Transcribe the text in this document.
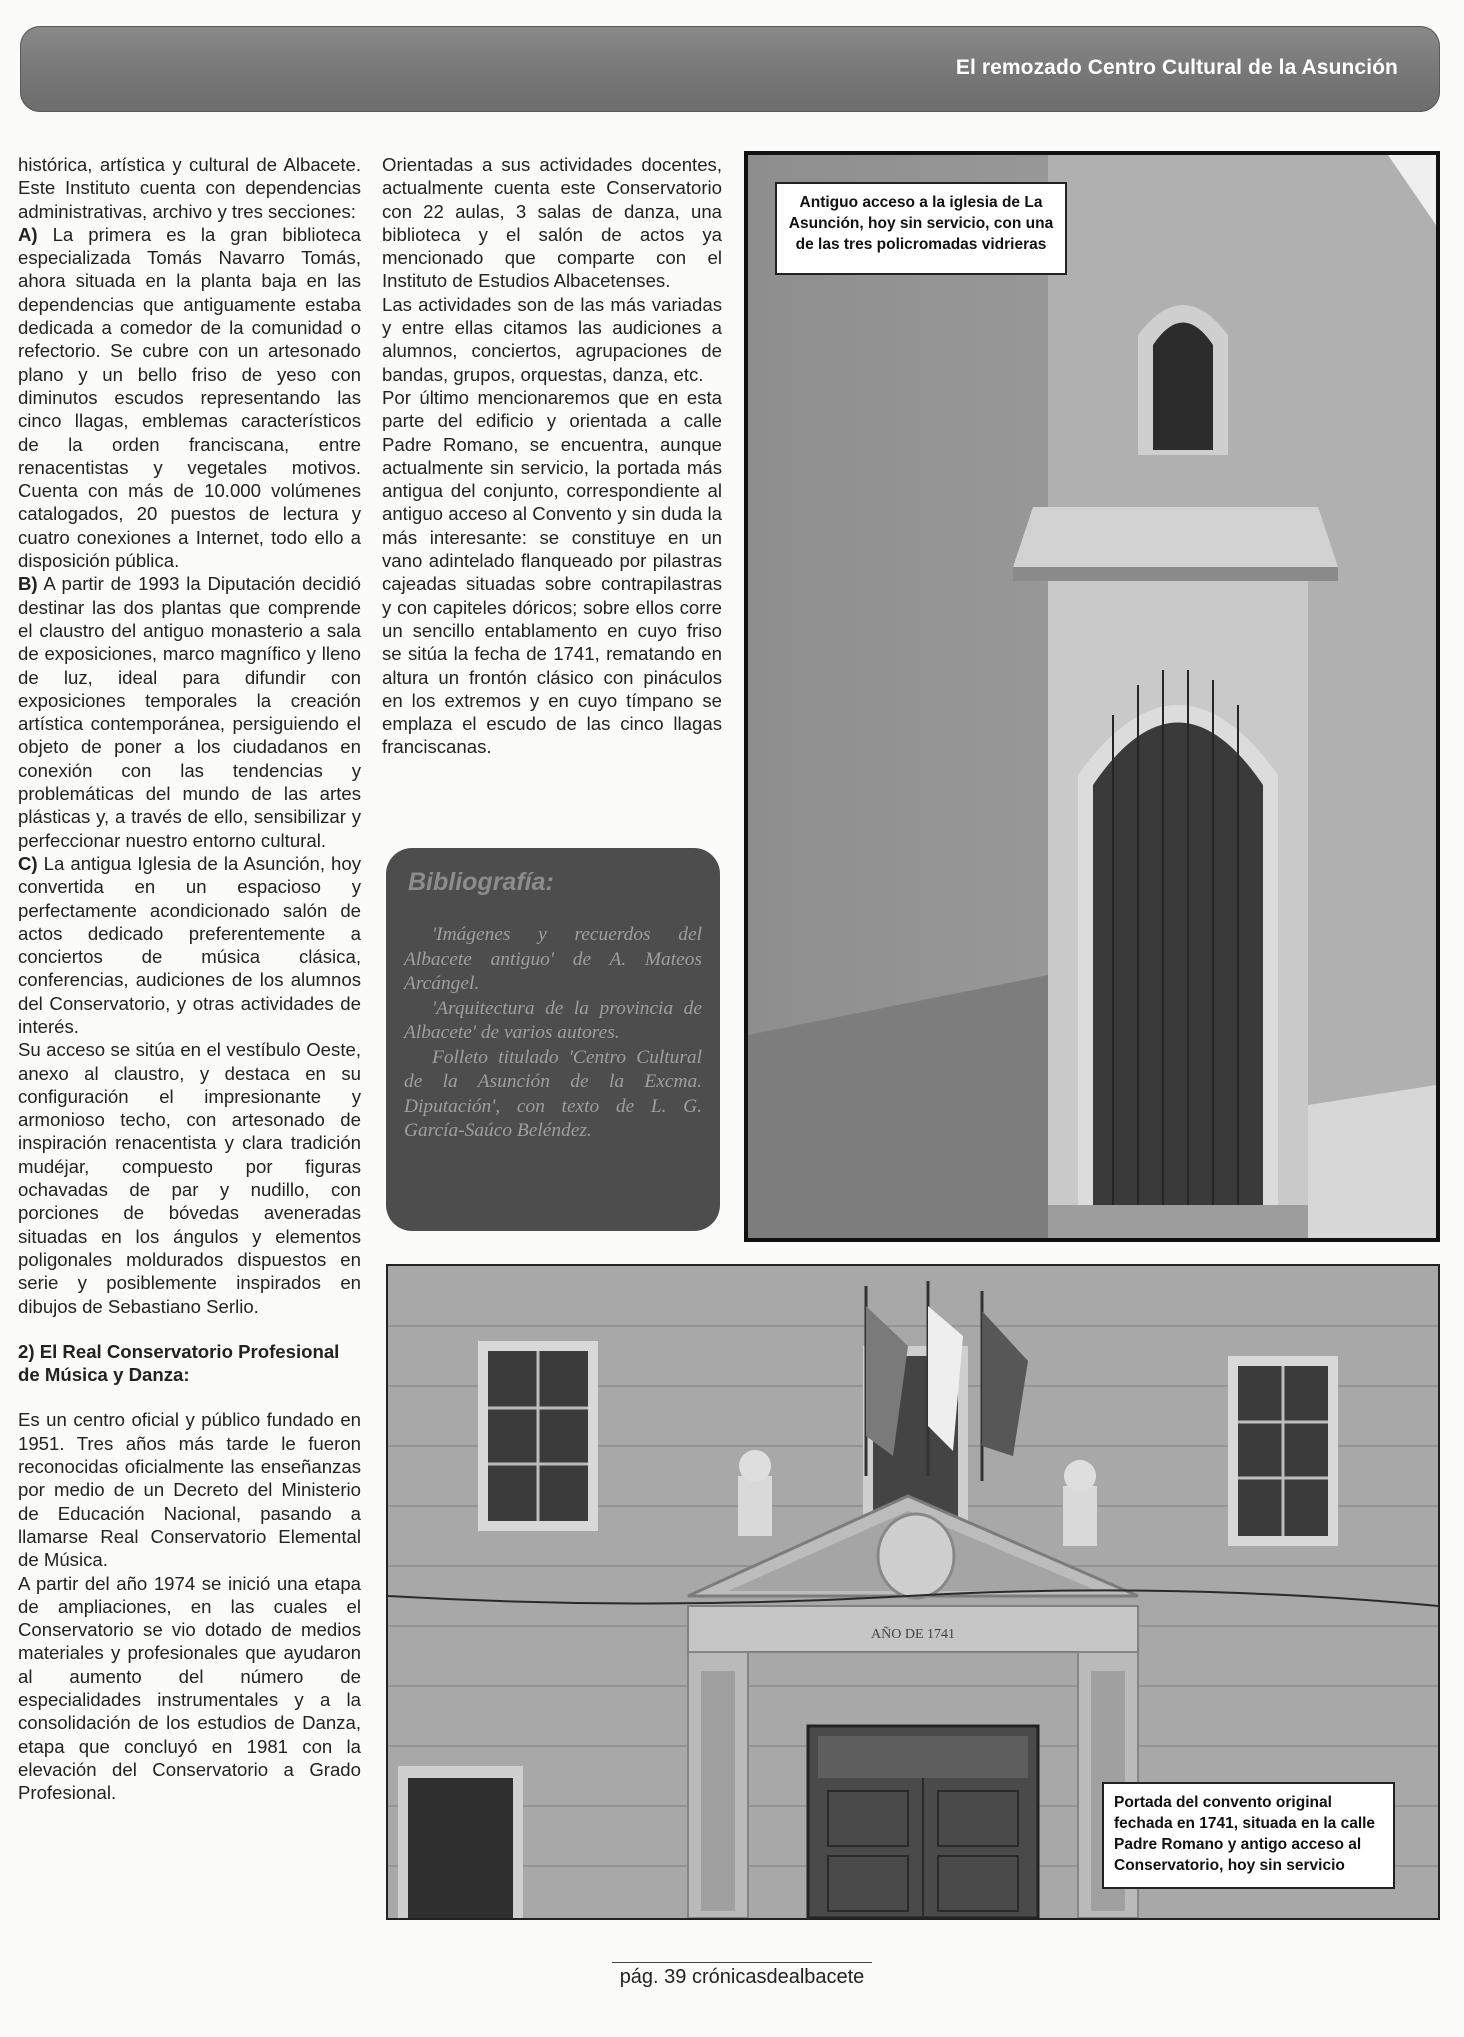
El remozado Centro Cultural de la Asunción

histórica, artística y cultural de Albacete. Este Instituto cuenta con dependencias administrativas, archivo y tres secciones:

A) La primera es la gran biblioteca especializada Tomás Navarro Tomás, ahora situada en la planta baja en las dependencias que antiguamente estaba dedicada a comedor de la comunidad o refectorio. Se cubre con un artesonado plano y un bello friso de yeso con diminutos escudos representando las cinco llagas, emblemas característicos de la orden franciscana, entre renacentistas y vegetales motivos. Cuenta con más de 10.000 volúmenes catalogados, 20 puestos de lectura y cuatro conexiones a Internet, todo ello a disposición pública.

B) A partir de 1993 la Diputación decidió destinar las dos plantas que comprende el claustro del antiguo monasterio a sala de exposiciones, marco magnífico y lleno de luz, ideal para difundir con exposiciones temporales la creación artística contemporánea, persiguiendo el objeto de poner a los ciudadanos en conexión con las tendencias y problemáticas del mundo de las artes plásticas y, a través de ello, sensibilizar y perfeccionar nuestro entorno cultural.

C) La antigua Iglesia de la Asunción, hoy convertida en un espacioso y perfectamente acondicionado salón de actos dedicado preferentemente a conciertos de música clásica, conferencias, audiciones de los alumnos del Conservatorio, y otras actividades de interés.

Su acceso se sitúa en el vestíbulo Oeste, anexo al claustro, y destaca en su configuración el impresionante y armonioso techo, con artesonado de inspiración renacentista y clara tradición mudéjar, compuesto por figuras ochavadas de par y nudillo, con porciones de bóvedas aveneradas situadas en los ángulos y elementos poligonales moldurados dispuestos en serie y posiblemente inspirados en dibujos de Sebastiano Serlio.

2) El Real Conservatorio Profesional de Música y Danza:

Es un centro oficial y público fundado en 1951. Tres años más tarde le fueron reconocidas oficialmente las enseñanzas por medio de un Decreto del Ministerio de Educación Nacional, pasando a llamarse Real Conservatorio Elemental de Música.

A partir del año 1974 se inició una etapa de ampliaciones, en las cuales el Conservatorio se vio dotado de medios materiales y profesionales que ayudaron al aumento del número de especialidades instrumentales y a la consolidación de los estudios de Danza, etapa que concluyó en 1981 con la elevación del Conservatorio a Grado Profesional.

Orientadas a sus actividades docentes, actualmente cuenta este Conservatorio con 22 aulas, 3 salas de danza, una biblioteca y el salón de actos ya mencionado que comparte con el Instituto de Estudios Albacetenses.

Las actividades son de las más variadas y entre ellas citamos las audiciones a alumnos, conciertos, agrupaciones de bandas, grupos, orquestas, danza, etc.

Por último mencionaremos que en esta parte del edificio y orientada a calle Padre Romano, se encuentra, aunque actualmente sin servicio, la portada más antigua del conjunto, correspondiente al antiguo acceso al Convento y sin duda la más interesante: se constituye en un vano adintelado flanqueado por pilastras cajeadas situadas sobre contrapilastras y con capiteles dóricos; sobre ellos corre un sencillo entablamento en cuyo friso se sitúa la fecha de 1741, rematando en altura un frontón clásico con pináculos en los extremos y en cuyo tímpano se emplaza el escudo de las cinco llagas franciscanas.

Bibliografía:

'Imágenes y recuerdos del Albacete antiguo' de A. Mateos Arcángel.

'Arquitectura de la provincia de Albacete' de varios autores.

Folleto titulado 'Centro Cultural de la Asunción de la Excma. Diputación', con texto de L. G. García-Saúco Beléndez.

Antiguo acceso a la iglesia de La Asunción, hoy sin servicio, con una de las tres policromadas vidrieras
AÑO DE 1741
Portada del convento original fechada en 1741, situada en la calle Padre Romano y antigo acceso al Conservatorio, hoy sin servicio
pág. 39 crónicasdealbacete
